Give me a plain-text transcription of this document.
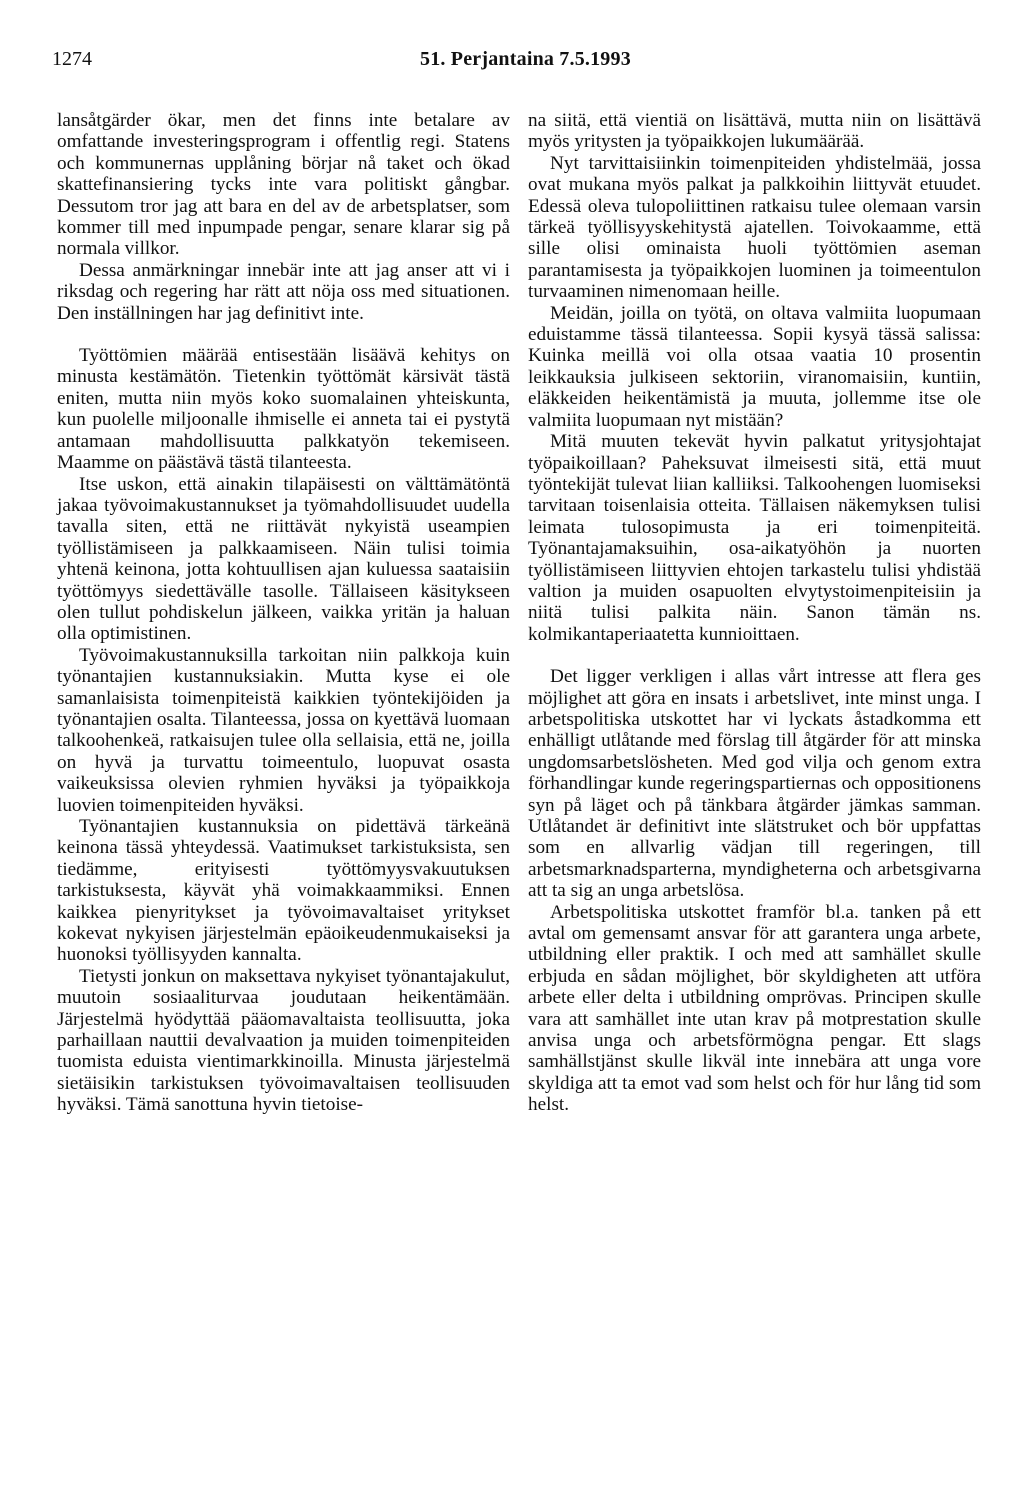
1274	51. Perjantaina 7.5.1993

lansåtgärder ökar, men det finns inte betalare av omfattande investeringsprogram i offentlig regi. Statens och kommunernas upplåning börjar nå taket och ökad skattefinansiering tycks inte vara politiskt gångbar. Dessutom tror jag att bara en del av de arbetsplatser, som kommer till med inpumpade pengar, senare klarar sig på normala villkor.

Dessa anmärkningar innebär inte att jag anser att vi i riksdag och regering har rätt att nöja oss med situationen. Den inställningen har jag definitivt inte.

Työttömien määrää entisestään lisäävä kehitys on minusta kestämätön. Tietenkin työttömät kärsivät tästä eniten, mutta niin myös koko suomalainen yhteiskunta, kun puolelle miljoonalle ihmiselle ei anneta tai ei pystytä antamaan mahdollisuutta palkkatyön tekemiseen. Maamme on päästävä tästä tilanteesta.

Itse uskon, että ainakin tilapäisesti on välttämätöntä jakaa työvoimakustannukset ja työmahdollisuudet uudella tavalla siten, että ne riittävät nykyistä useampien työllistämiseen ja palkkaamiseen. Näin tulisi toimia yhtenä keinona, jotta kohtuullisen ajan kuluessa saataisiin työttömyys siedettävälle tasolle. Tällaiseen käsitykseen olen tullut pohdiskelun jälkeen, vaikka yritän ja haluan olla optimistinen.

Työvoimakustannuksilla tarkoitan niin palkkoja kuin työnantajien kustannuksiakin. Mutta kyse ei ole samanlaisista toimenpiteistä kaikkien työntekijöiden ja työnantajien osalta. Tilanteessa, jossa on kyettävä luomaan talkoohenkeä, ratkaisujen tulee olla sellaisia, että ne, joilla on hyvä ja turvattu toimeentulo, luopuvat osasta vaikeuksissa olevien ryhmien hyväksi ja työpaikkoja luovien toimenpiteiden hyväksi.

Työnantajien kustannuksia on pidettävä tärkeänä keinona tässä yhteydessä. Vaatimukset tarkistuksista, sen tiedämme, erityisesti työttömyysvakuutuksen tarkistuksesta, käyvät yhä voimakkaammiksi. Ennen kaikkea pienyritykset ja työvoimavaltaiset yritykset kokevat nykyisen järjestelmän epäoikeudenmukaiseksi ja huonoksi työllisyyden kannalta.

Tietysti jonkun on maksettava nykyiset työnantajakulut, muutoin sosiaaliturvaa joudutaan heikentämään. Järjestelmä hyödyttää pääomavaltaista teollisuutta, joka parhaillaan nauttii devalvaation ja muiden toimenpiteiden tuomista eduista vientimarkkinoilla. Minusta järjestelmä sietäisikin tarkistuksen työvoimavaltaisen teollisuuden hyväksi. Tämä sanottuna hyvin tietoise-

na siitä, että vientiä on lisättävä, mutta niin on lisättävä myös yritysten ja työpaikkojen lukumäärää.

Nyt tarvittaisiinkin toimenpiteiden yhdistelmää, jossa ovat mukana myös palkat ja palkkoihin liittyvät etuudet. Edessä oleva tulopoliittinen ratkaisu tulee olemaan varsin tärkeä työllisyyskehitystä ajatellen. Toivokaamme, että sille olisi ominaista huoli työttömien aseman parantamisesta ja työpaikkojen luominen ja toimeentulon turvaaminen nimenomaan heille.

Meidän, joilla on työtä, on oltava valmiita luopumaan eduistamme tässä tilanteessa. Sopii kysyä tässä salissa: Kuinka meillä voi olla otsaa vaatia 10 prosentin leikkauksia julkiseen sektoriin, viranomaisiin, kuntiin, eläkkeiden heikentämistä ja muuta, jollemme itse ole valmiita luopumaan nyt mistään?

Mitä muuten tekevät hyvin palkatut yritysjohtajat työpaikoillaan? Paheksuvat ilmeisesti sitä, että muut työntekijät tulevat liian kalliiksi. Talkoohengen luomiseksi tarvitaan toisenlaisia otteita. Tällaisen näkemyksen tulisi leimata tulosopimusta ja eri toimenpiteitä. Työnantajamaksuihin, osa-aikatyöhön ja nuorten työllistämiseen liittyvien ehtojen tarkastelu tulisi yhdistää valtion ja muiden osapuolten elvytystoimenpiteisiin ja niitä tulisi palkita näin. Sanon tämän ns. kolmikantaperiaatetta kunnioittaen.

Det ligger verkligen i allas vårt intresse att flera ges möjlighet att göra en insats i arbetslivet, inte minst unga. I arbetspolitiska utskottet har vi lyckats åstadkomma ett enhälligt utlåtande med förslag till åtgärder för att minska ungdomsarbetslösheten. Med god vilja och genom extra förhandlingar kunde regeringspartiernas och oppositionens syn på läget och på tänkbara åtgärder jämkas samman. Utlåtandet är definitivt inte slätstruket och bör uppfattas som en allvarlig vädjan till regeringen, till arbetsmarknadsparterna, myndigheterna och arbetsgivarna att ta sig an unga arbetslösa.

Arbetspolitiska utskottet framför bl.a. tanken på ett avtal om gemensamt ansvar för att garantera unga arbete, utbildning eller praktik. I och med att samhället skulle erbjuda en sådan möjlighet, bör skyldigheten att utföra arbete eller delta i utbildning omprövas. Principen skulle vara att samhället inte utan krav på motprestation skulle anvisa unga och arbetsförmögna pengar. Ett slags samhällstjänst skulle likväl inte innebära att unga vore skyldiga att ta emot vad som helst och för hur lång tid som helst.
